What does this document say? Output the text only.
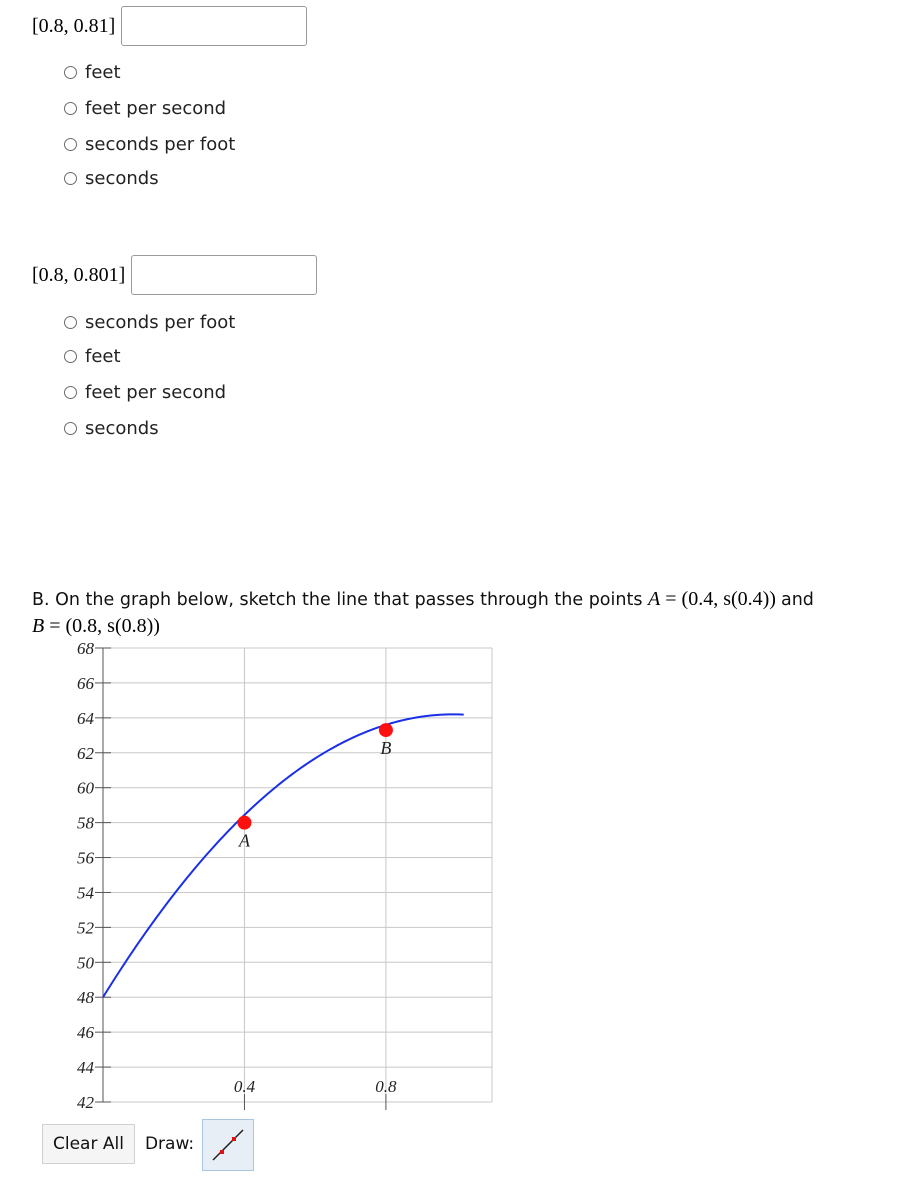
[0.8, 0.81]
feet
feet per second
seconds per foot
seconds
[0.8, 0.801]
seconds per foot
feet
feet per second
seconds
B. On the graph below, sketch the line that passes through the points A = (0.4, s(0.4)) and
B = (0.8, s(0.8))
42
44
46
48
50
52
54
56
58
60
62
64
66
68
0.4	0.8
A
B
Clear All	Draw:
